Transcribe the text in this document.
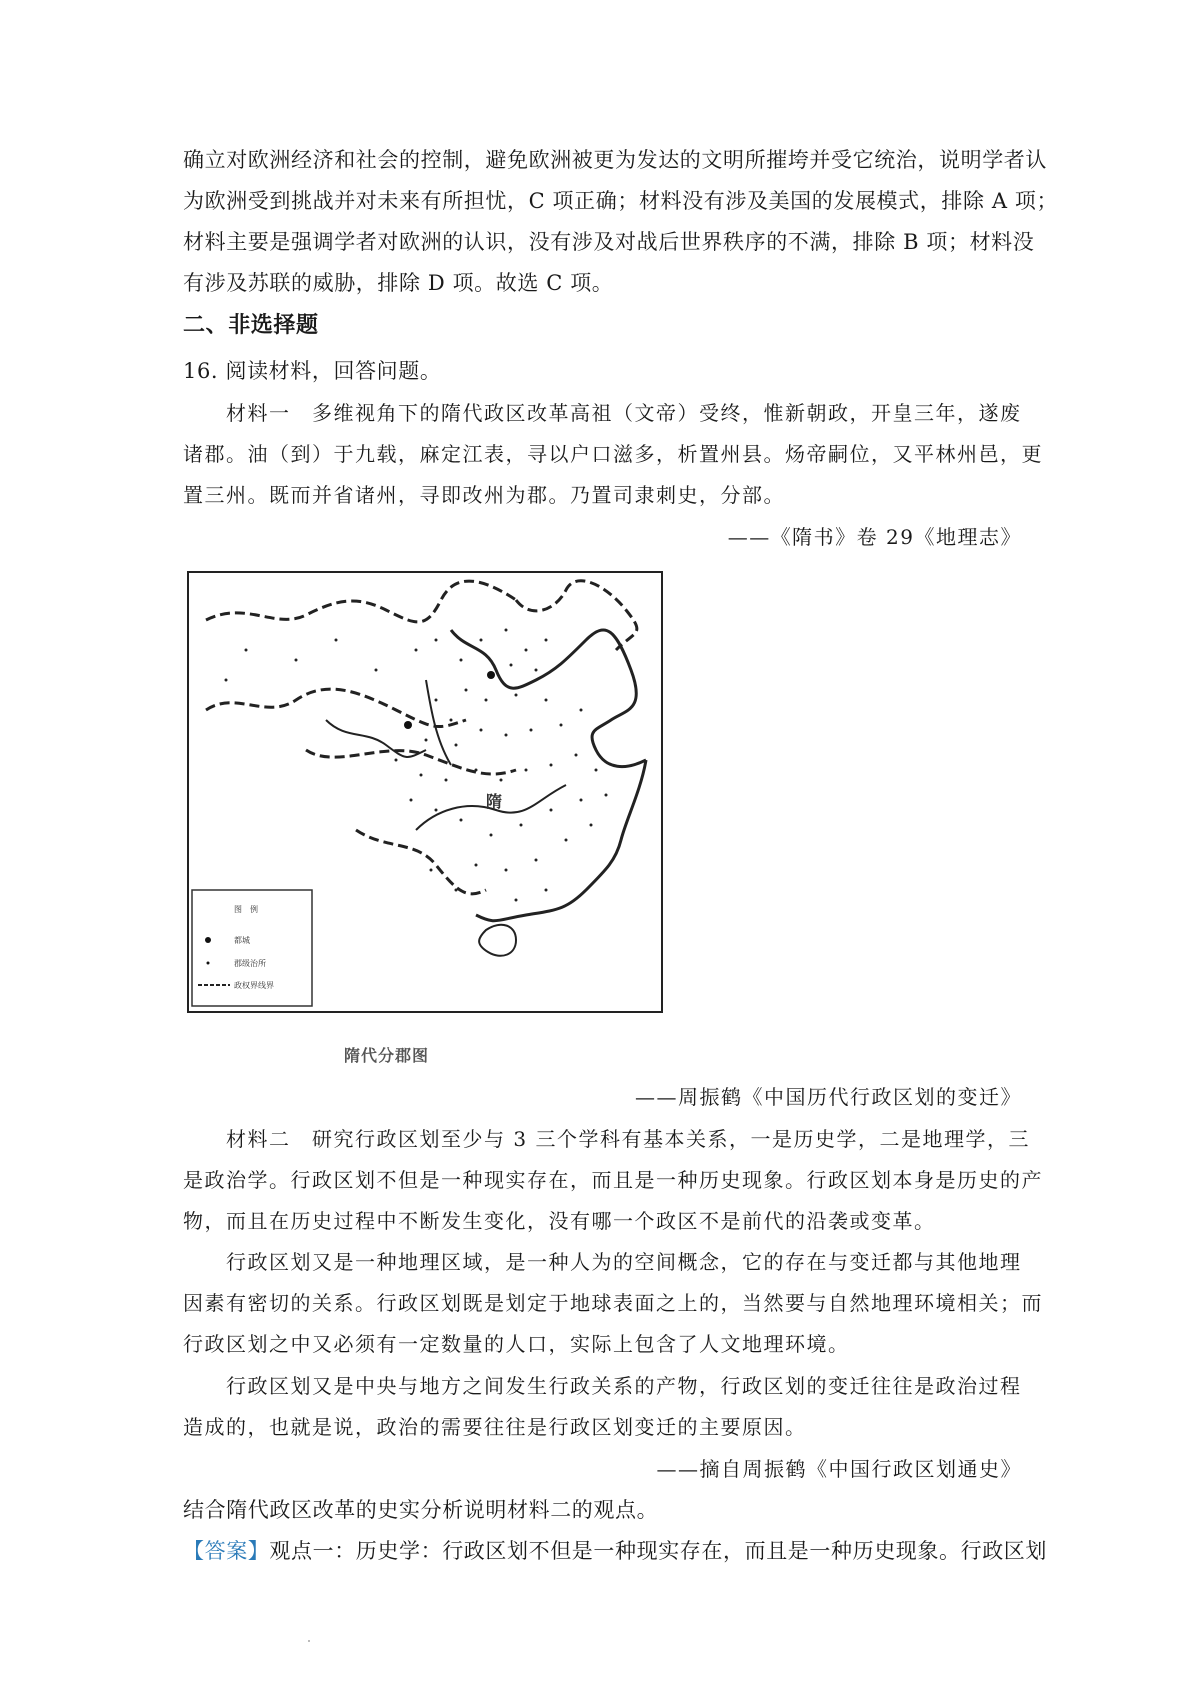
确立对欧洲经济和社会的控制，避免欧洲被更为发达的文明所摧垮并受它统治，说明学者认
为欧洲受到挑战并对未来有所担忧，C 项正确；材料没有涉及美国的发展模式，排除 A 项；
材料主要是强调学者对欧洲的认识，没有涉及对战后世界秩序的不满，排除 B 项；材料没
有涉及苏联的威胁，排除 D 项。故选 C 项。
二、非选择题
16. 阅读材料，回答问题。
材料一　多维视角下的隋代政区改革高祖（文帝）受终，惟新朝政，开皇三年，遂废
诸郡。油（到）于九载，麻定江表，寻以户口滋多，析置州县。炀帝嗣位，又平林州邑，更
置三州。既而并省诸州，寻即改州为郡。乃置司隶刺史，分部。
——《隋书》卷 29《地理志》
隋
图　例
都城
郡级治所
政权界线界
隋代分郡图
——周振鹤《中国历代行政区划的变迁》
材料二　研究行政区划至少与 3 三个学科有基本关系，一是历史学，二是地理学，三
是政治学。行政区划不但是一种现实存在，而且是一种历史现象。行政区划本身是历史的产
物，而且在历史过程中不断发生变化，没有哪一个政区不是前代的沿袭或变革。
行政区划又是一种地理区域，是一种人为的空间概念，它的存在与变迁都与其他地理
因素有密切的关系。行政区划既是划定于地球表面之上的，当然要与自然地理环境相关；而
行政区划之中又必须有一定数量的人口，实际上包含了人文地理环境。
行政区划又是中央与地方之间发生行政关系的产物，行政区划的变迁往往是政治过程
造成的，也就是说，政治的需要往往是行政区划变迁的主要原因。
——摘自周振鹤《中国行政区划通史》
结合隋代政区改革的史实分析说明材料二的观点。
【答案】观点一：历史学：行政区划不但是一种现实存在，而且是一种历史现象。行政区划
